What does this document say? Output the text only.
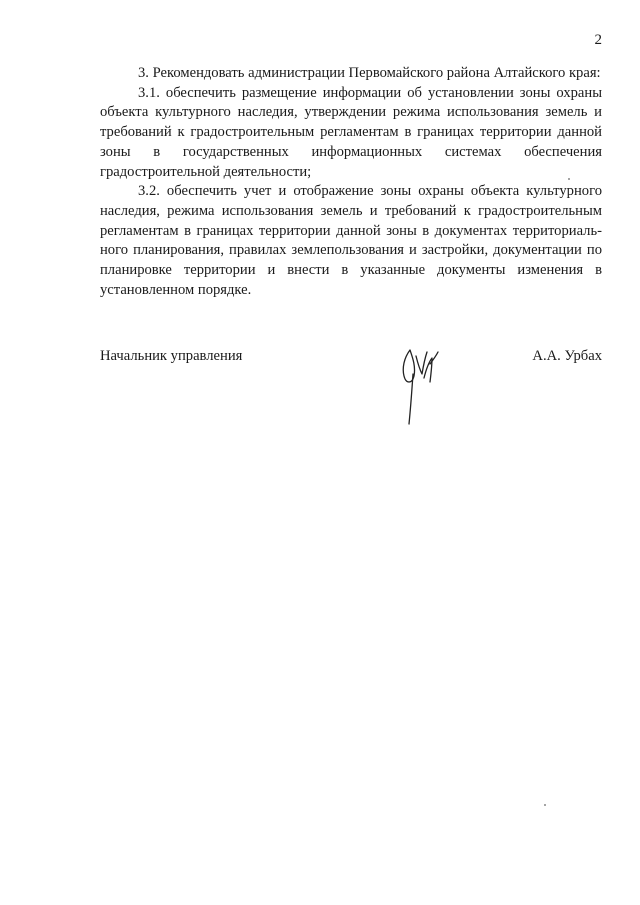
2

3. Рекомендовать администрации Первомайского района Алтайского края:

3.1. обеспечить размещение информации об установлении зоны охраны объекта культурного наследия, утверждении режима использования земель и требований к градостроительным регламентам в границах территории данной зоны в государственных информационных системах обеспечения градостроительной деятельности;

3.2. обеспечить учет и отображение зоны охраны объекта культурного наследия, режима использования земель и требований к градостроительным регламентам в границах территории данной зоны в документах территориального планирования, правилах землепользования и застройки, документации по планировке территории и внести в указанные документы изменения в установленном порядке.

Начальник управления	А.А. Урбах
